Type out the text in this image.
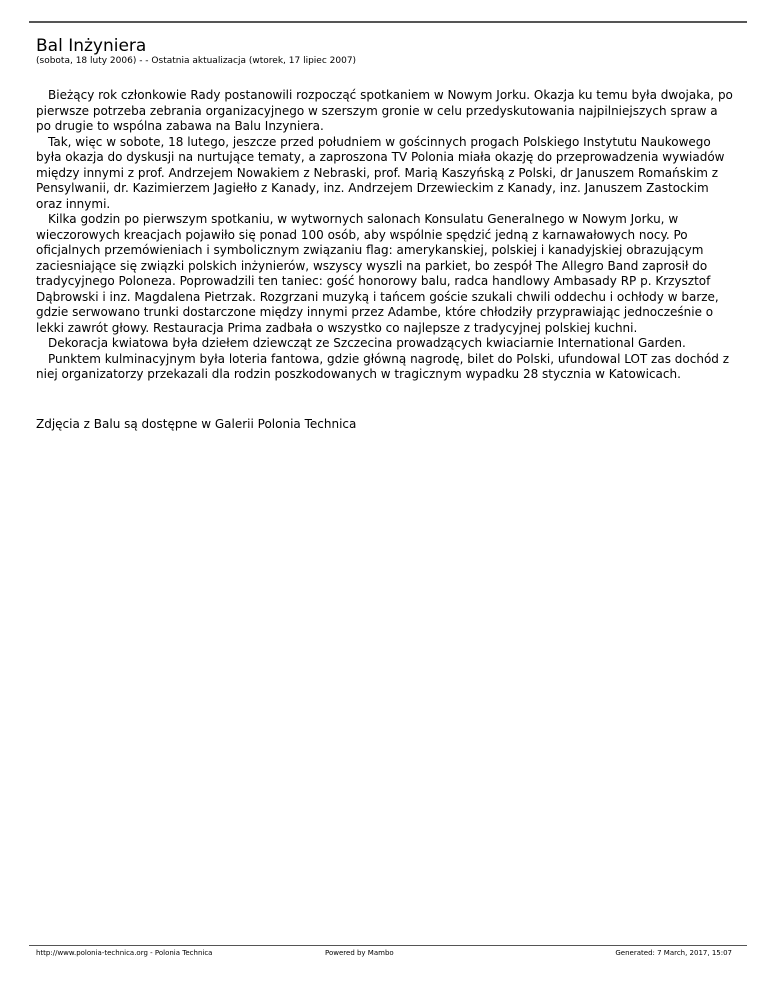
Bal Inżyniera
(sobota, 18 luty 2006) - - Ostatnia aktualizacja (wtorek, 17 lipiec 2007)

Bieżący rok członkowie Rady postanowili rozpocząć spotkaniem w Nowym Jorku. Okazja ku temu była dwojaka, po pierwsze potrzeba zebrania organizacyjnego w szerszym gronie w celu przedyskutowania najpilniejszych spraw a po drugie to wspólna zabawa na Balu Inzyniera.

Tak, więc w sobote, 18 lutego, jeszcze przed południem w gościnnych progach Polskiego Instytutu Naukowego była okazja do dyskusji na nurtujące tematy, a zaproszona TV Polonia miała okazję do przeprowadzenia wywiadów między innymi z prof. Andrzejem Nowakiem z Nebraski, prof. Marią Kaszyńską z Polski, dr Januszem Romańskim z Pensylwanii, dr. Kazimierzem Jagiełło z Kanady, inz. Andrzejem Drzewieckim z Kanady, inz. Januszem Zastockim oraz innymi.

Kilka godzin po pierwszym spotkaniu, w wytwornych salonach Konsulatu Generalnego w Nowym Jorku, w wieczorowych kreacjach pojawiło się ponad 100 osób, aby wspólnie spędzić jedną z karnawałowych nocy. Po oficjalnych przemówieniach i symbolicznym związaniu flag: amerykanskiej, polskiej i kanadyjskiej obrazującym zaciesniające się związki polskich inżynierów, wszyscy wyszli na parkiet, bo zespół The Allegro Band zaprosił do tradycyjnego Poloneza. Poprowadzili ten taniec: gość honorowy balu, radca handlowy Ambasady RP p. Krzysztof Dąbrowski i inz. Magdalena Pietrzak. Rozgrzani muzyką i tańcem goście szukali chwili oddechu i ochłody w barze, gdzie serwowano trunki dostarczone między innymi przez Adambe, które chłodziły przyprawiając jednocześnie o lekki zawrót głowy. Restauracja Prima zadbała o wszystko co najlepsze z tradycyjnej polskiej kuchni.

Dekoracja kwiatowa była dziełem dziewcząt ze Szczecina prowadzących kwiaciarnie International Garden.

Punktem kulminacyjnym była loteria fantowa, gdzie główną nagrodę, bilet do Polski, ufundowal LOT zas dochód z niej organizatorzy przekazali dla rodzin poszkodowanych w tragicznym wypadku 28 stycznia w Katowicach.

Zdjęcia z Balu są dostępne w Galerii Polonia Technica
http://www.polonia-technica.org - Polonia Technica	Powered by Mambo	Generated: 7 March, 2017, 15:07
